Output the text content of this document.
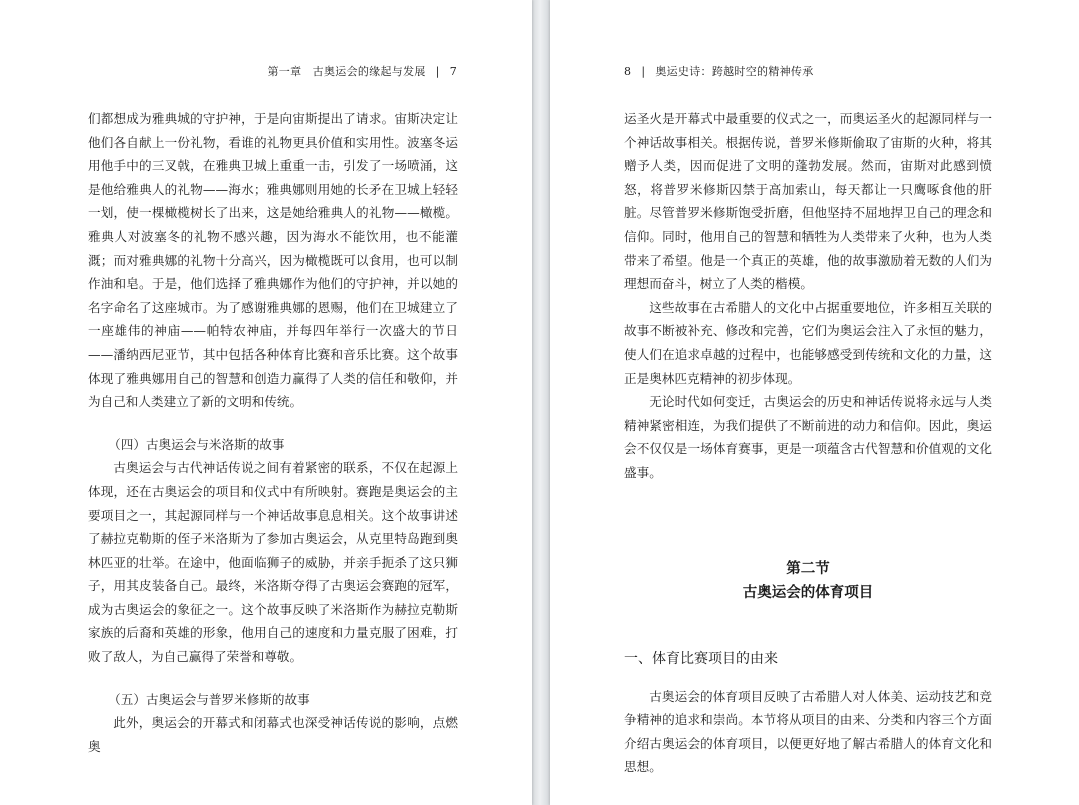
第一章　古奥运会的缘起与发展 | 7

们都想成为雅典城的守护神，于是向宙斯提出了请求。宙斯决定让他们各自献上一份礼物，看谁的礼物更具价值和实用性。波塞冬运用他手中的三叉戟，在雅典卫城上重重一击，引发了一场喷涌，这是他给雅典人的礼物——海水；雅典娜则用她的长矛在卫城上轻轻一划，使一棵橄榄树长了出来，这是她给雅典人的礼物——橄榄。雅典人对波塞冬的礼物不感兴趣，因为海水不能饮用，也不能灌溉；而对雅典娜的礼物十分高兴，因为橄榄既可以食用，也可以制作油和皂。于是，他们选择了雅典娜作为他们的守护神，并以她的名字命名了这座城市。为了感谢雅典娜的恩赐，他们在卫城建立了一座雄伟的神庙——帕特农神庙，并每四年举行一次盛大的节日——潘纳西尼亚节，其中包括各种体育比赛和音乐比赛。这个故事体现了雅典娜用自己的智慧和创造力赢得了人类的信任和敬仰，并为自己和人类建立了新的文明和传统。

（四）古奥运会与米洛斯的故事

古奥运会与古代神话传说之间有着紧密的联系，不仅在起源上体现，还在古奥运会的项目和仪式中有所映射。赛跑是奥运会的主要项目之一，其起源同样与一个神话故事息息相关。这个故事讲述了赫拉克勒斯的侄子米洛斯为了参加古奥运会，从克里特岛跑到奥林匹亚的壮举。在途中，他面临狮子的威胁，并亲手扼杀了这只狮子，用其皮装备自己。最终，米洛斯夺得了古奥运会赛跑的冠军，成为古奥运会的象征之一。这个故事反映了米洛斯作为赫拉克勒斯家族的后裔和英雄的形象，他用自己的速度和力量克服了困难，打败了敌人，为自己赢得了荣誉和尊敬。

（五）古奥运会与普罗米修斯的故事

此外，奥运会的开幕式和闭幕式也深受神话传说的影响，点燃奥

8 | 奥运史诗：跨越时空的精神传承

运圣火是开幕式中最重要的仪式之一，而奥运圣火的起源同样与一个神话故事相关。根据传说，普罗米修斯偷取了宙斯的火种，将其赠予人类，因而促进了文明的蓬勃发展。然而，宙斯对此感到愤怒，将普罗米修斯囚禁于高加索山，每天都让一只鹰啄食他的肝脏。尽管普罗米修斯饱受折磨，但他坚持不屈地捍卫自己的理念和信仰。同时，他用自己的智慧和牺牲为人类带来了火种，也为人类带来了希望。他是一个真正的英雄，他的故事激励着无数的人们为理想而奋斗，树立了人类的楷模。

这些故事在古希腊人的文化中占据重要地位，许多相互关联的故事不断被补充、修改和完善，它们为奥运会注入了永恒的魅力，使人们在追求卓越的过程中，也能够感受到传统和文化的力量，这正是奥林匹克精神的初步体现。

无论时代如何变迁，古奥运会的历史和神话传说将永远与人类精神紧密相连，为我们提供了不断前进的动力和信仰。因此，奥运会不仅仅是一场体育赛事，更是一项蕴含古代智慧和价值观的文化盛事。

第二节

古奥运会的体育项目

一、体育比赛项目的由来

古奥运会的体育项目反映了古希腊人对人体美、运动技艺和竞争精神的追求和崇尚。本节将从项目的由来、分类和内容三个方面介绍古奥运会的体育项目，以便更好地了解古希腊人的体育文化和思想。
